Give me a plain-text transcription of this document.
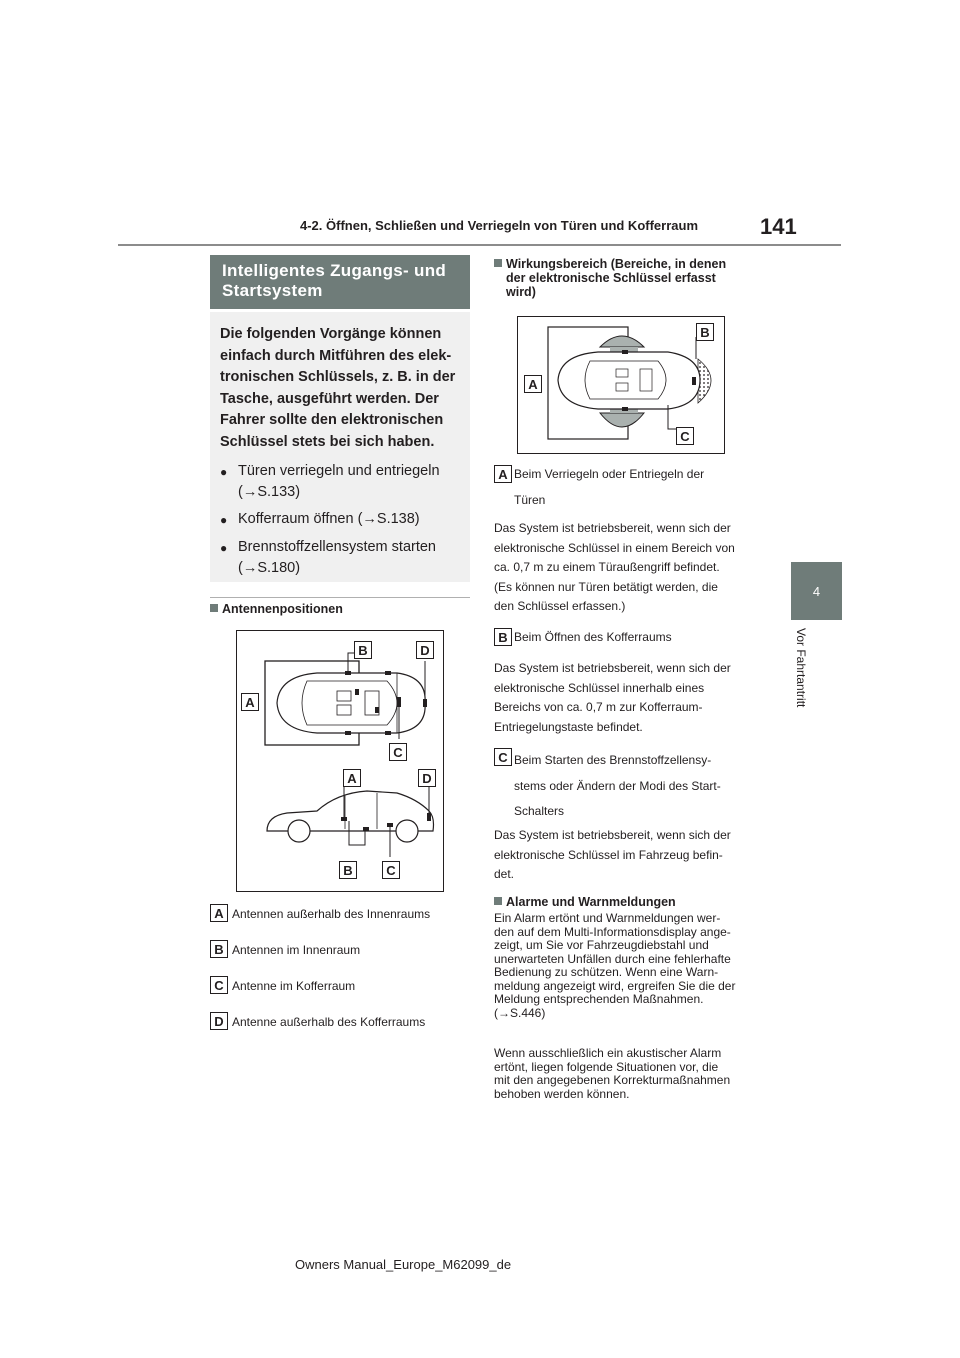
4-2. Öffnen, Schließen und Verriegeln von Türen und Kofferraum	141
4
Vor Fahrtantritt
Intelligentes Zugangs- und Startsystem
Die folgenden Vorgänge können
einfach durch Mitführen des elek-
tronischen Schlüssels, z. B. in der
Tasche, ausgeführt werden. Der
Fahrer sollte den elektronischen
Schlüssel stets bei sich haben.
● Türen verriegeln und entriegeln
(→S.133)
● Kofferraum öffnen (→S.138)
● Brennstoffzellensystem starten
(→S.180)
Antennenpositionen
B	D
A
C
A	D
B	C
A Antennen außerhalb des Innenraums
B Antennen im Innenraum
C Antenne im Kofferraum
D Antenne außerhalb des Kofferraums
Wirkungsbereich (Bereiche, in denen
der elektronische Schlüssel erfasst
wird)
B
A
C
A Beim Verriegeln oder Entriegeln der
Türen
Das System ist betriebsbereit, wenn sich der
elektronische Schlüssel in einem Bereich von
ca. 0,7 m zu einem Türaußengriff befindet.
(Es können nur Türen betätigt werden, die
den Schlüssel erfassen.)
B Beim Öffnen des Kofferraums
Das System ist betriebsbereit, wenn sich der
elektronische Schlüssel innerhalb eines
Bereichs von ca. 0,7 m zur Kofferraum-
Entriegelungstaste befindet.
C Beim Starten des Brennstoffzellensy-
stems oder Ändern der Modi des Start-
Schalters
Das System ist betriebsbereit, wenn sich der
elektronische Schlüssel im Fahrzeug befin-
det.
Alarme und Warnmeldungen
Ein Alarm ertönt und Warnmeldungen wer-
den auf dem Multi-Informationsdisplay ange-
zeigt, um Sie vor Fahrzeugdiebstahl und
unerwarteten Unfällen durch eine fehlerhafte
Bedienung zu schützen. Wenn eine Warn-
meldung angezeigt wird, ergreifen Sie die der
Meldung entsprechenden Maßnahmen.
(→S.446)
Wenn ausschließlich ein akustischer Alarm
ertönt, liegen folgende Situationen vor, die
mit den angegebenen Korrekturmaßnahmen
behoben werden können.
Owners Manual_Europe_M62099_de
